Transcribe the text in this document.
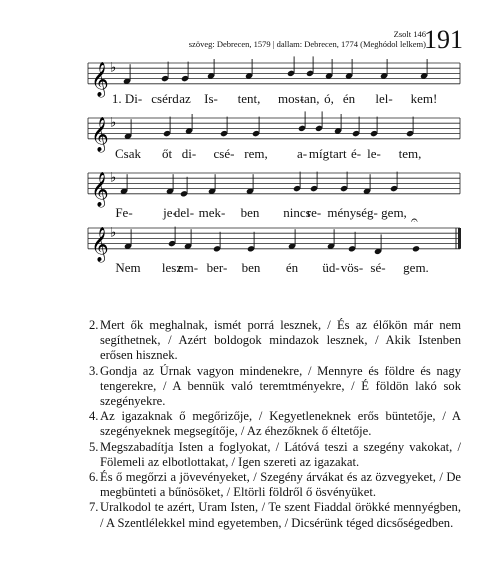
Zsolt 146
szöveg: Debrecen, 1579 | dallam: Debrecen, 1774 (Meghódol lelkem)
191
𝄞 ♭
1. Di- csérd az Is- tent, mos-
tan, ó, én lel- kem!
𝄞 ♭
Csak őt di- csé- rem, a- míg tart é- le- tem,
𝄞 ♭
Fe- je-
del- mek- ben nincs
re- mény-
ség- gem,
𝄞 ♭
𝄐
Nem lesz
em- ber- ben én üd- vös- sé- gem.

2. Mert ők meghalnak, ismét porrá lesznek, / És az élőkön már nem segíthetnek, / Azért boldogok mindazok lesznek, / Akik Istenben erősen hisznek.

3. Gondja az Úrnak vagyon mindenekre, / Mennyre és földre és nagy tengerekre, / A bennük való teremtményekre, / É földön lakó sok szegényekre.

4. Az igazaknak ő megőrizője, / Kegyetleneknek erős büntetője, / A szegényeknek megsegítője, / Az éhezőknek ő éltetője.

5. Megszabadítja Isten a foglyokat, / Látóvá teszi a szegény vakokat, / Fölemeli az elbotlottakat, / Igen szereti az igazakat.

6. És ő megőrzi a jövevényeket, / Szegény árvákat és az özvegyeket, / De megbünteti a bűnösöket, / Eltörli földről ő ösvényüket.

7. Uralkodol te azért, Uram Isten, / Te szent Fiaddal örökké mennyégben, / A Szentlélekkel mind egyetemben, / Dicsérünk téged dicsőségedben.
